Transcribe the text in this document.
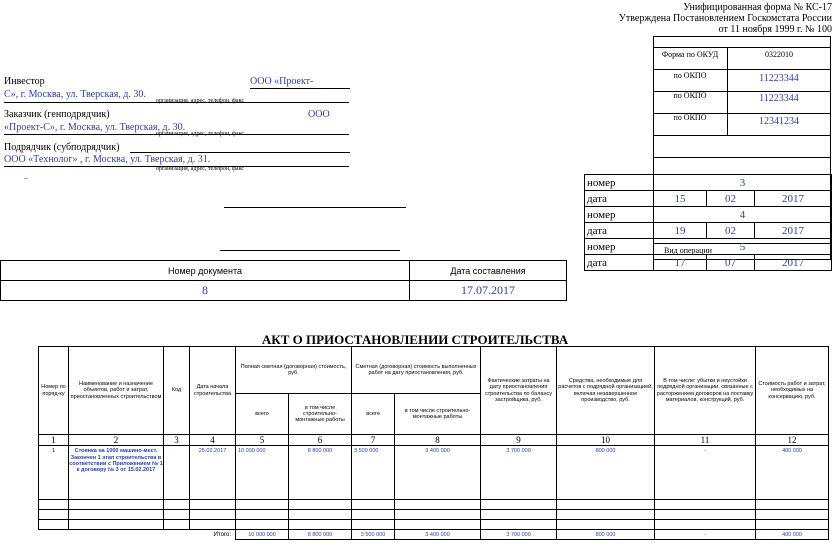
Унифицированная форма № КС-17
Утверждена Постановлением Госкомстата России
от 11 ноября 1999 г. № 100
Форма по ОКУД	0322010
по ОКПО	11223344
по ОКПО	11223344
по ОКПО	12341234
Вид операции
номер	3		
дата	15	02	2017
номер	4		
дата	19	02	2017
номер	5		
дата	17	07	2017
Инвестор	ООО «Проект-
С», г. Москва, ул. Тверская, д. 30.
организация, адрес, телефон, факс
Заказчик (генподрядчик)	ООО
«Проект-С», г. Москва, ул. Тверская, д. 30.
организация, адрес, телефон, факс
Подрядчик (субподрядчик)
ООО «Технолог» , г. Москва, ул. Тверская, д. 31.
организация, адрес, телефон, факс
..
Номер документа	Дата составления
8	17.07.2017
АКТ О ПРИОСТАНОВЛЕНИИ СТРОИТЕЛЬСТВА
Номер по поряд-ку	Наименование и назначение объектов, работ и затрат, приостановленных строительством	Код	Дата начала строительства	Полная сметная (договорная) стоимость, руб.		Сметная (договорная) стоимость выполненных работ на дату приостановления, руб.		Фактические затраты на дату приостановления строительства по балансу застройщика, руб.	Средства, необходимые для расчетов с подрядной организацией, включая незавершенное производство, руб.	В том числе: убытки и неустойки подрядной организации, связанные с расторжением договоров на поставку материалов, конструкций, руб.	Стоимость работ и затрат, необходимых на консервацию, руб.
				всего	в том числе строительно-монтажные работы	всего	в том числе строительно-монтажные работы				
1	2	3	4	5	6	7	8	9	10	11	12
1	Стоянка на 1000 машино-мест. Закончен 1 этап строительства в соответствии с Приложением № 1 к договору № 3 от 15.02.2017		25.02.2017	10 000 000	8 800 000	3 500 000	3 400 000	3 700 000	800 000	-	400 000

Итого:				10 000 000	8 800 000	3 500 000	3 400 000	3 700 000	800 000	-	400 000
